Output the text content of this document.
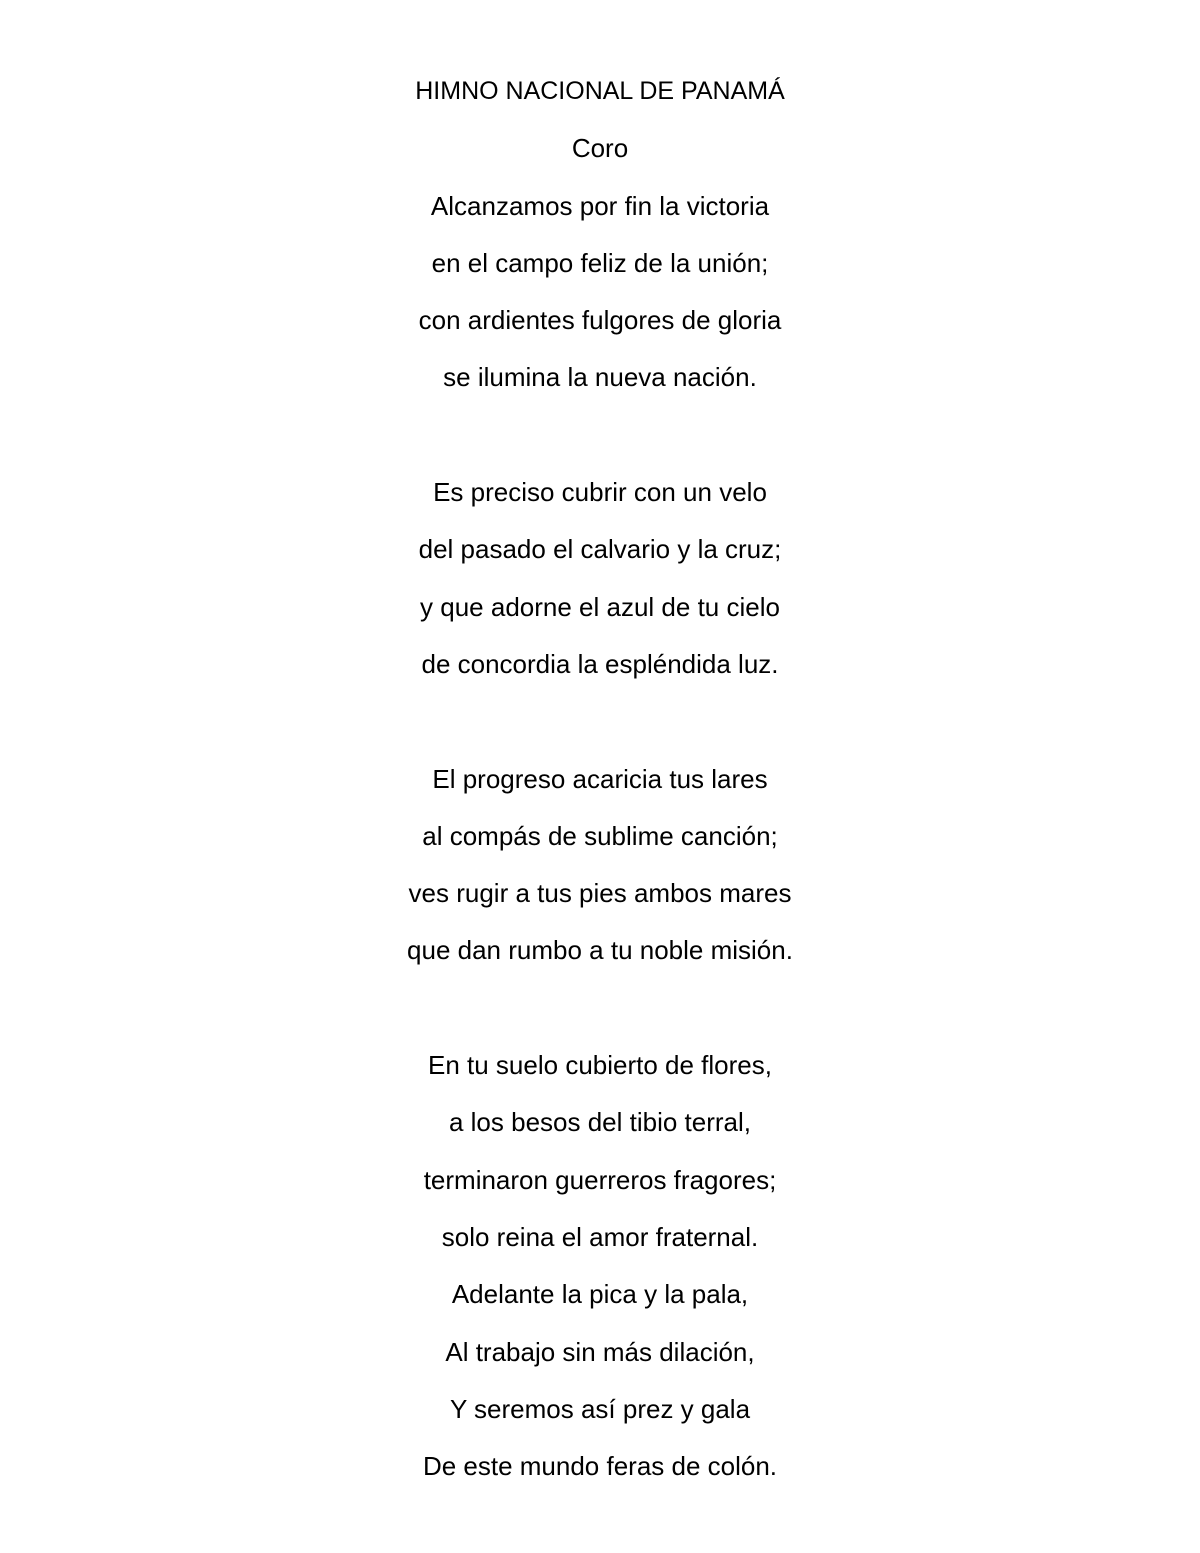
HIMNO NACIONAL DE PANAMÁ
Coro
Alcanzamos por fin la victoria
en el campo feliz de la unión;
con ardientes fulgores de gloria
se ilumina la nueva nación.
Es preciso cubrir con un velo
del pasado el calvario y la cruz;
y que adorne el azul de tu cielo
de concordia la espléndida luz.
El progreso acaricia tus lares
al compás de sublime canción;
ves rugir a tus pies ambos mares
que dan rumbo a tu noble misión.
En tu suelo cubierto de flores,
a los besos del tibio terral,
terminaron guerreros fragores;
solo reina el amor fraternal.
Adelante la pica y la pala,
Al trabajo sin más dilación,
Y seremos así prez y gala
De este mundo feras de colón.
